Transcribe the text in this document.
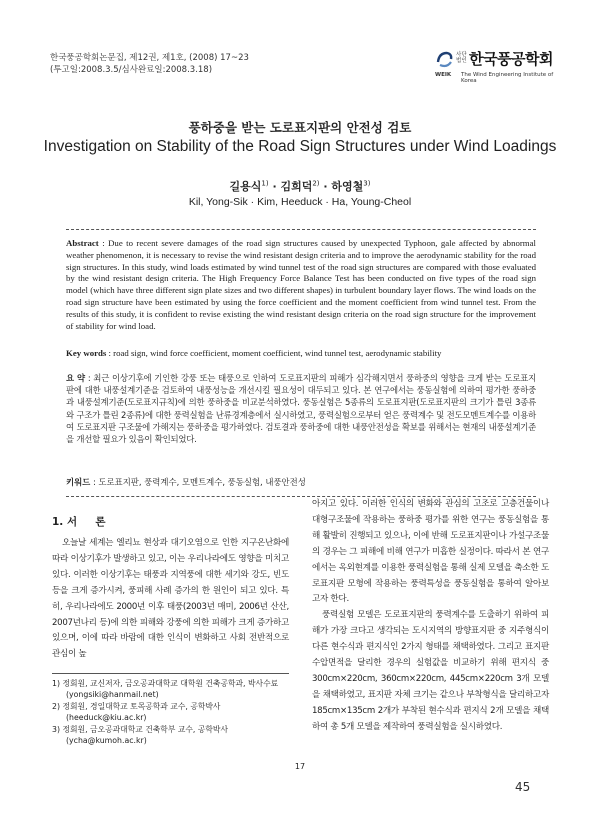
한국풍공학회논문집, 제12권, 제1호, (2008) 17~23
(투고일:2008.3.5/심사완료일:2008.3.18)
사단
법인 한국풍공학회
WEIK The Wind Engineering Institute of Korea
풍하중을 받는 도로표지판의 안전성 검토
Investigation on Stability of the Road Sign Structures under Wind Loadings
길용식$^{1)}$ · 김희덕$^{2)}$ · 하영철$^{3)}$
Kil, Yong-Sik · Kim, Heeduck · Ha, Young-Cheol
Abstract : Due to recent severe damages of the road sign structures caused by unexpected Typhoon, gale affected by abnormal weather phenomenon, it is necessary to revise the wind resistant design criteria and to improve the aerodynamic stability for the road sign structures. In this study, wind loads estimated by wind tunnel test of the road sign structures are compared with those evaluated by the wind resistant design criteria. The High Frequency Force Balance Test has been conducted on five types of the road sign model (which have three different sign plate sizes and two different shapes) in turbulent boundary layer flows. The wind loads on the road sign structure have been estimated by using the force coefficient and the moment coefficient from wind tunnel test. From the results of this study, it is confident to revise existing the wind resistant design criteria on the road sign structure for the improvement of stability for wind load.
Key words : road sign, wind force coefficient, moment coefficient, wind tunnel test, aerodynamic stability
요 약 : 최근 이상기후에 기인한 강풍 또는 태풍으로 인하여 도로표지판의 피해가 심각해지면서 풍하중의 영향을 크게 받는 도로표지판에 대한 내풍설계기준을 검토하여 내풍성능을 개선시킬 필요성이 대두되고 있다. 본 연구에서는 풍동실험에 의하여 평가한 풍하중과 내풍설계기준(도로표지규칙)에 의한 풍하중을 비교분석하였다. 풍동실험은 5종류의 도로표지판(도로표지판의 크기가 틀린 3종류와 구조가 틀린 2종류)에 대한 풍력실험을 난류경계층에서 실시하였고, 풍력실험으로부터 얻은 풍력계수 및 전도모멘트계수를 이용하여 도로표지판 구조물에 가해지는 풍하중을 평가하였다. 검토결과 풍하중에 대한 내풍안전성을 확보를 위해서는 현재의 내풍설계기준을 개선할 필요가 있음이 확인되었다.
키워드 : 도로표지판, 풍력계수, 모멘트계수, 풍동실험, 내풍안전성
1. 서     론
오늘날 세계는 엘리뇨 현상과 대기오염으로 인한 지구온난화에 따라 이상기후가 발생하고 있고, 이는 우리나라에도 영향을 미치고 있다. 이러한 이상기후는 태풍과 지역풍에 대한 세기와 강도, 빈도 등을 크게 증가시켜, 풍피해 사례 증가의 한 원인이 되고 있다. 특히, 우리나라에도 2000년 이후 태풍(2003년 매미, 2006년 산산, 2007년나리 등)에 의한 피해와 강풍에 의한 피해가 크게 증가하고 있으며, 이에 따라 바람에 대한 인식이 변화하고 사회 전반적으로 관심이 높

아지고 있다. 이러한 인식의 변화와 관심의 고조로 고층건물이나 대형구조물에 작용하는 풍하중 평가를 위한 연구는 풍동실험을 통해 활발히 진행되고 있으나, 이에 반해 도로표지판이나 가설구조물의 경우는 그 피해에 비해 연구가 미흡한 실정이다. 따라서 본 연구에서는 옥외현계를 이용한 풍력실험을 통해 실제 모델을 축소한 도로표지판 모형에 작용하는 풍력특성을 풍동실험을 통하여 알아보고자 한다.

풍력실험 모델은 도로표지판의 풍력계수를 도출하기 위하여 피해가 가장 크다고 생각되는 도시지역의 방향표지판 중 지주형식이 다른 현수식과 편지식인 2가지 형태를 채택하였다. 그리고 표지판 수압면적을 달리한 경우의 실험값을 비교하기 위해 편지식 중 300cm×220cm, 360cm×220cm, 445cm×220cm 3개 모델을 채택하였고, 표지판 자체 크기는 같으나 부착형식을 달리하고자 185cm×135cm 2개가 부착된 현수식과 편지식 2개 모델을 채택하여 총 5개 모델을 제작하여 풍력실험을 실시하였다.

1) 정회원, 교신저자, 금오공과대학교 대학원 건축공학과, 박사수료(yongsiki@hanmail.net)
2) 정회원, 경일대학교 토목공학과 교수, 공학박사(heeduck@kiu.ac.kr)
3) 정회원, 금오공과대학교 건축학부 교수, 공학박사(ycha@kumoh.ac.kr)
17
45
